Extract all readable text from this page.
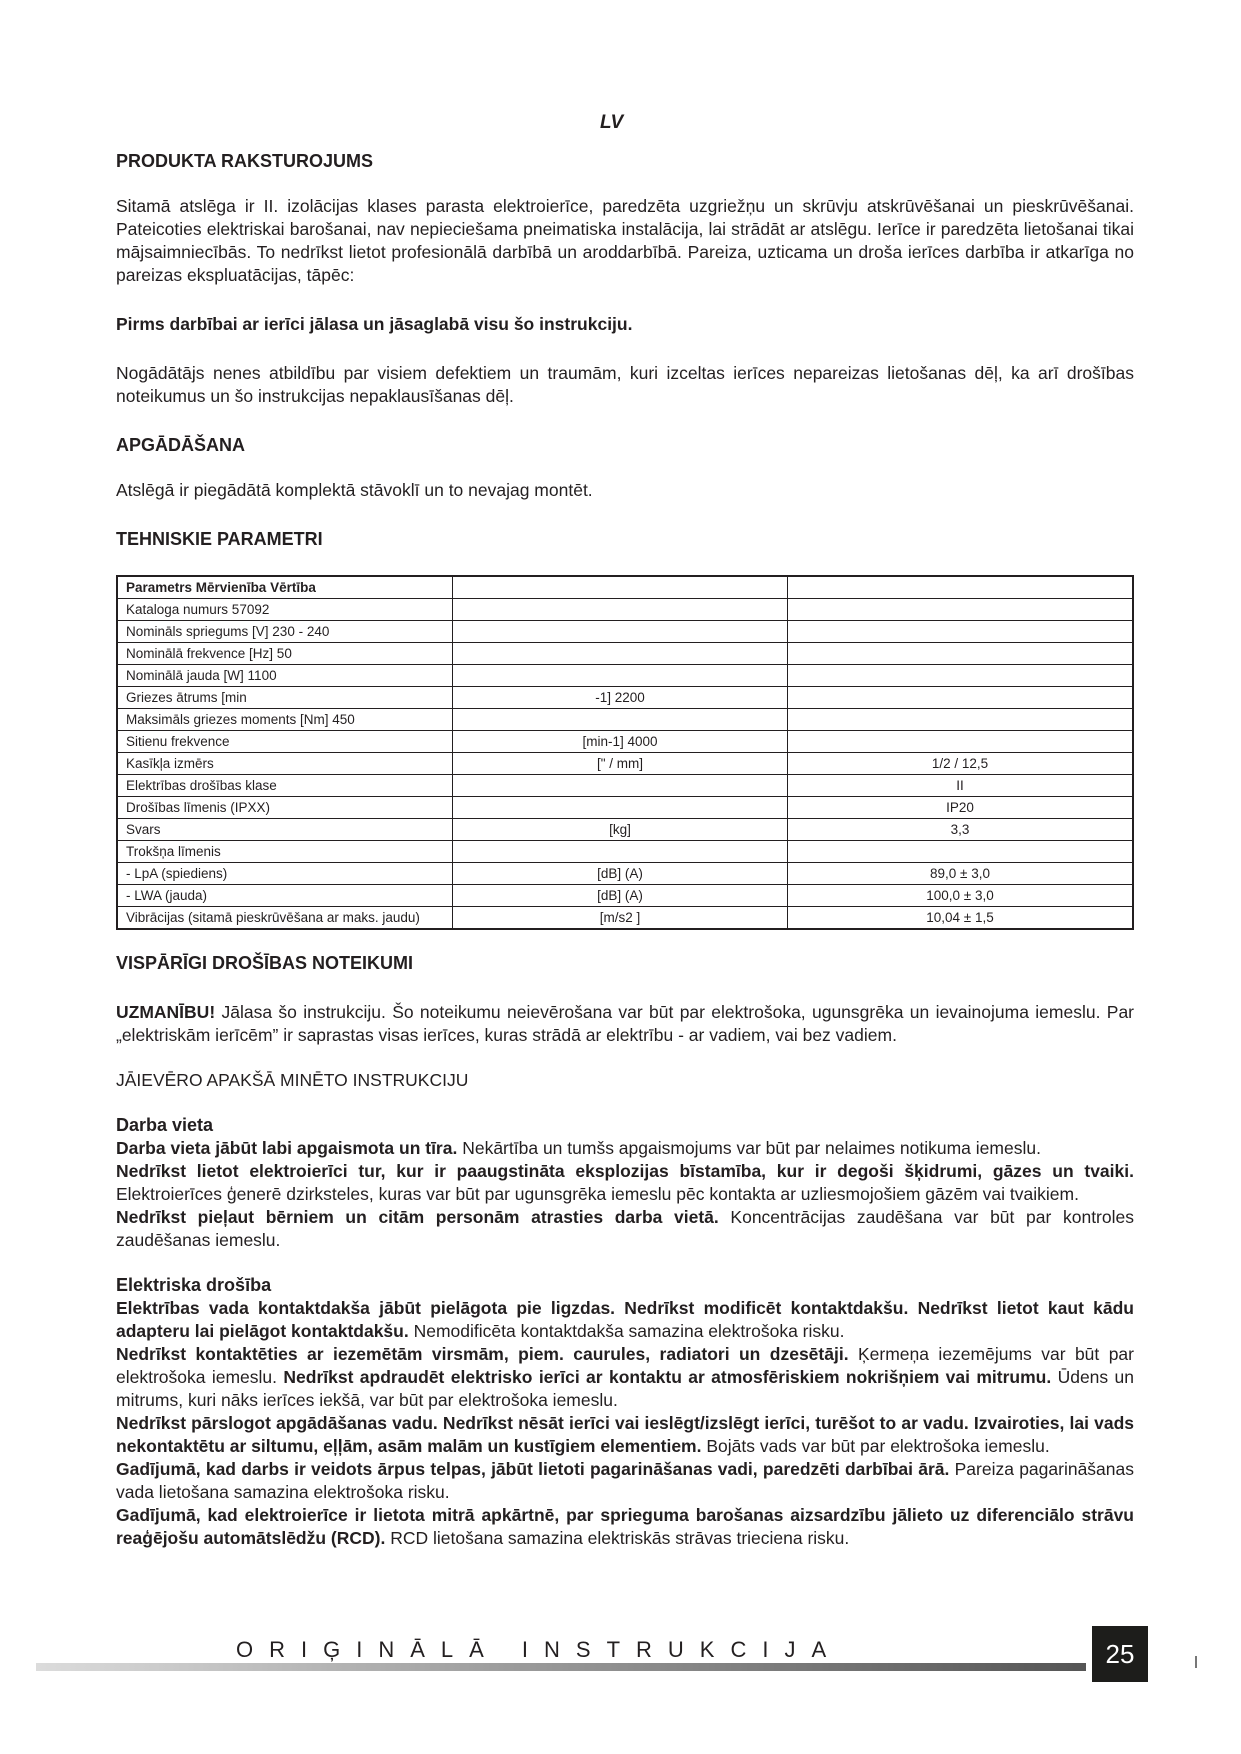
LV
PRODUKTA RAKSTUROJUMS

Sitamā atslēga ir II. izolācijas klases parasta elektroierīce, paredzēta uzgriežņu un skrūvju atskrūvēšanai un pieskrūvēšanai. Pateicoties elektriskai barošanai, nav nepieciešama pneimatiska instalācija, lai strādāt ar atslēgu. Ierīce ir paredzēta lietošanai tikai mājsaimniecībās. To nedrīkst lietot profesionālā darbībā un aroddarbībā. Pareiza, uzticama un droša ierīces darbība ir atkarīga no pareizas ekspluatācijas, tāpēc:

Pirms darbībai ar ierīci jālasa un jāsaglabā visu šo instrukciju.

Nogādātājs nenes atbildību par visiem defektiem un traumām, kuri izceltas ierīces nepareizas lietošanas dēļ, ka arī drošības noteikumus un šo instrukcijas nepaklausīšanas dēļ.

APGĀDĀŠANA

Atslēgā ir piegādātā komplektā stāvoklī un to nevajag montēt.

TEHNISKIE PARAMETRI
Parametrs Mērvienība Vērtība		
Kataloga numurs 57092		
Nomināls spriegums [V] 230 - 240		
Nominālā frekvence [Hz] 50		
Nominālā jauda [W] 1100		
Griezes ātrums [min	-1] 2200	
Maksimāls griezes moments [Nm] 450		
Sitienu frekvence	[min-1] 4000	
Kasīkļa izmērs	[" / mm]	1/2 / 12,5
Elektrības drošības klase		II
Drošības līmenis (IPXX)		IP20
Svars	[kg]	3,3
Trokšņa līmenis		
- LpA (spiediens)	[dB] (A)	89,0 ± 3,0
- LWA (jauda)	[dB] (A)	100,0 ± 3,0
Vibrācijas (sitamā pieskrūvēšana ar maks. jaudu)	[m/s2 ]	10,04 ± 1,5
VISPĀRĪGI DROŠĪBAS NOTEIKUMI

UZMANĪBU! Jālasa šo instrukciju. Šo noteikumu neievērošana var būt par elektrošoka, ugunsgrēka un ievainojuma iemeslu. Par „elektriskām ierīcēm” ir saprastas visas ierīces, kuras strādā ar elektrību - ar vadiem, vai bez vadiem.

JĀIEVĒRO APAKŠĀ MINĒTO INSTRUKCIJU

Darba vieta

Darba vieta jābūt labi apgaismota un tīra. Nekārtība un tumšs apgaismojums var būt par nelaimes notikuma iemeslu.

Nedrīkst lietot elektroierīci tur, kur ir paaugstināta eksplozijas bīstamība, kur ir degoši šķidrumi, gāzes un tvaiki. Elektroierīces ģenerē dzirksteles, kuras var būt par ugunsgrēka iemeslu pēc kontakta ar uzliesmojošiem gāzēm vai tvaikiem.

Nedrīkst pieļaut bērniem un citām personām atrasties darba vietā. Koncentrācijas zaudēšana var būt par kontroles zaudēšanas iemeslu.

Elektriska drošība

Elektrības vada kontaktdakša jābūt pielāgota pie ligzdas. Nedrīkst modificēt kontaktdakšu. Nedrīkst lietot kaut kādu adapteru lai pielāgot kontaktdakšu. Nemodificēta kontaktdakša samazina elektrošoka risku.

Nedrīkst kontaktēties ar iezemētām virsmām, piem. caurules, radiatori un dzesētāji. Ķermeņa iezemējums var būt par elektrošoka iemeslu. Nedrīkst apdraudēt elektrisko ierīci ar kontaktu ar atmosfēriskiem nokrišņiem vai mitrumu. Ūdens un mitrums, kuri nāks ierīces iekšā, var būt par elektrošoka iemeslu.

Nedrīkst pārslogot apgādāšanas vadu. Nedrīkst nēsāt ierīci vai ieslēgt/izslēgt ierīci, turēšot to ar vadu. Izvairoties, lai vads nekontaktētu ar siltumu, eļļām, asām malām un kustīgiem elementiem. Bojāts vads var būt par elektrošoka iemeslu.

Gadījumā, kad darbs ir veidots ārpus telpas, jābūt lietoti pagarināšanas vadi, paredzēti darbībai ārā. Pareiza pagarināšanas vada lietošana samazina elektrošoka risku.

Gadījumā, kad elektroierīce ir lietota mitrā apkārtnē, par sprieguma barošanas aizsardzību jālieto uz diferenciālo strāvu reaģējošu automātslēdžu (RCD). RCD lietošana samazina elektriskās strāvas trieciena risku.

ORIĢINĀLĀ INSTRUKCIJA	25
